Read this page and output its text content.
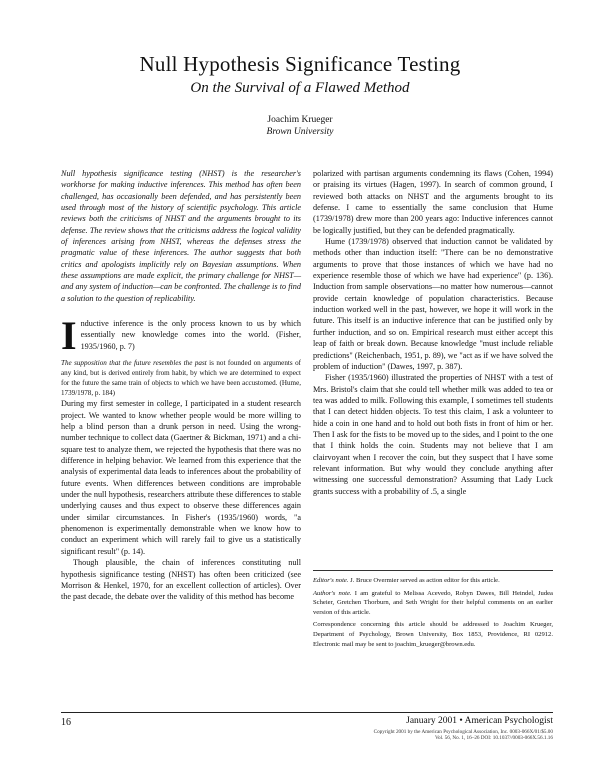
Null Hypothesis Significance Testing
On the Survival of a Flawed Method
Joachim Krueger
Brown University

Null hypothesis significance testing (NHST) is the researcher's workhorse for making inductive inferences. This method has often been challenged, has occasionally been defended, and has persistently been used through most of the history of scientific psychology. This article reviews both the criticisms of NHST and the arguments brought to its defense. The review shows that the criticisms address the logical validity of inferences arising from NHST, whereas the defenses stress the pragmatic value of these inferences. The author suggests that both critics and apologists implicitly rely on Bayesian assumptions. When these assumptions are made explicit, the primary challenge for NHST—and any system of induction—can be confronted. The challenge is to find a solution to the question of replicability.

I nductive inference is the only process known to us by which essentially new knowledge comes into the world. (Fisher, 1935/1960, p. 7)
The supposition that the future resembles the past is not founded on arguments of any kind, but is derived entirely from habit, by which we are determined to expect for the future the same train of objects to which we have been accustomed. (Hume, 1739/1978, p. 184)

During my first semester in college, I participated in a student research project. We wanted to know whether people would be more willing to help a blind person than a drunk person in need. Using the wrong-number technique to collect data (Gaertner & Bickman, 1971) and a chi-square test to analyze them, we rejected the hypothesis that there was no difference in helping behavior. We learned from this experience that the analysis of experimental data leads to inferences about the probability of future events. When differences between conditions are improbable under the null hypothesis, researchers attribute these differences to stable underlying causes and thus expect to observe these differences again under similar circumstances. In Fisher's (1935/1960) words, "a phenomenon is experimentally demonstrable when we know how to conduct an experiment which will rarely fail to give us a statistically significant result" (p. 14).

Though plausible, the chain of inferences constituting null hypothesis significance testing (NHST) has often been criticized (see Morrison & Henkel, 1970, for an excellent collection of articles). Over the past decade, the debate over the validity of this method has become

polarized with partisan arguments condemning its flaws (Cohen, 1994) or praising its virtues (Hagen, 1997). In search of common ground, I reviewed both attacks on NHST and the arguments brought to its defense. I came to essentially the same conclusion that Hume (1739/1978) drew more than 200 years ago: Inductive inferences cannot be logically justified, but they can be defended pragmatically.

Hume (1739/1978) observed that induction cannot be validated by methods other than induction itself: "There can be no demonstrative arguments to prove that those instances of which we have had no experience resemble those of which we have had experience" (p. 136). Induction from sample observations—no matter how numerous—cannot provide certain knowledge of population characteristics. Because induction worked well in the past, however, we hope it will work in the future. This itself is an inductive inference that can be justified only by further induction, and so on. Empirical research must either accept this leap of faith or break down. Because knowledge "must include reliable predictions" (Reichenbach, 1951, p. 89), we "act as if we have solved the problem of induction" (Dawes, 1997, p. 387).

Fisher (1935/1960) illustrated the properties of NHST with a test of Mrs. Bristol's claim that she could tell whether milk was added to tea or tea was added to milk. Following this example, I sometimes tell students that I can detect hidden objects. To test this claim, I ask a volunteer to hide a coin in one hand and to hold out both fists in front of him or her. Then I ask for the fists to be moved up to the sides, and I point to the one that I think holds the coin. Students may not believe that I am clairvoyant when I recover the coin, but they suspect that I have some relevant information. But why would they conclude anything after witnessing one successful demonstration? Assuming that Lady Luck grants success with a probability of .5, a single

Editor's note. J. Bruce Overmier served as action editor for this article.

Author's note. I am grateful to Melissa Acevedo, Robyn Dawes, Bill Heindel, Judea Scheier, Gretchen Thorburn, and Seth Wright for their helpful comments on an earlier version of this article.

Correspondence concerning this article should be addressed to Joachim Krueger, Department of Psychology, Brown University, Box 1853, Providence, RI 02912. Electronic mail may be sent to joachim_krueger@brown.edu.

16	January 2001 • American Psychologist
Copyright 2001 by the American Psychological Association, Inc. 0003-066X/01/$5.00
Vol. 56, No. 1, 16–26 DOI: 10.1037//0003-066X.56.1.16
